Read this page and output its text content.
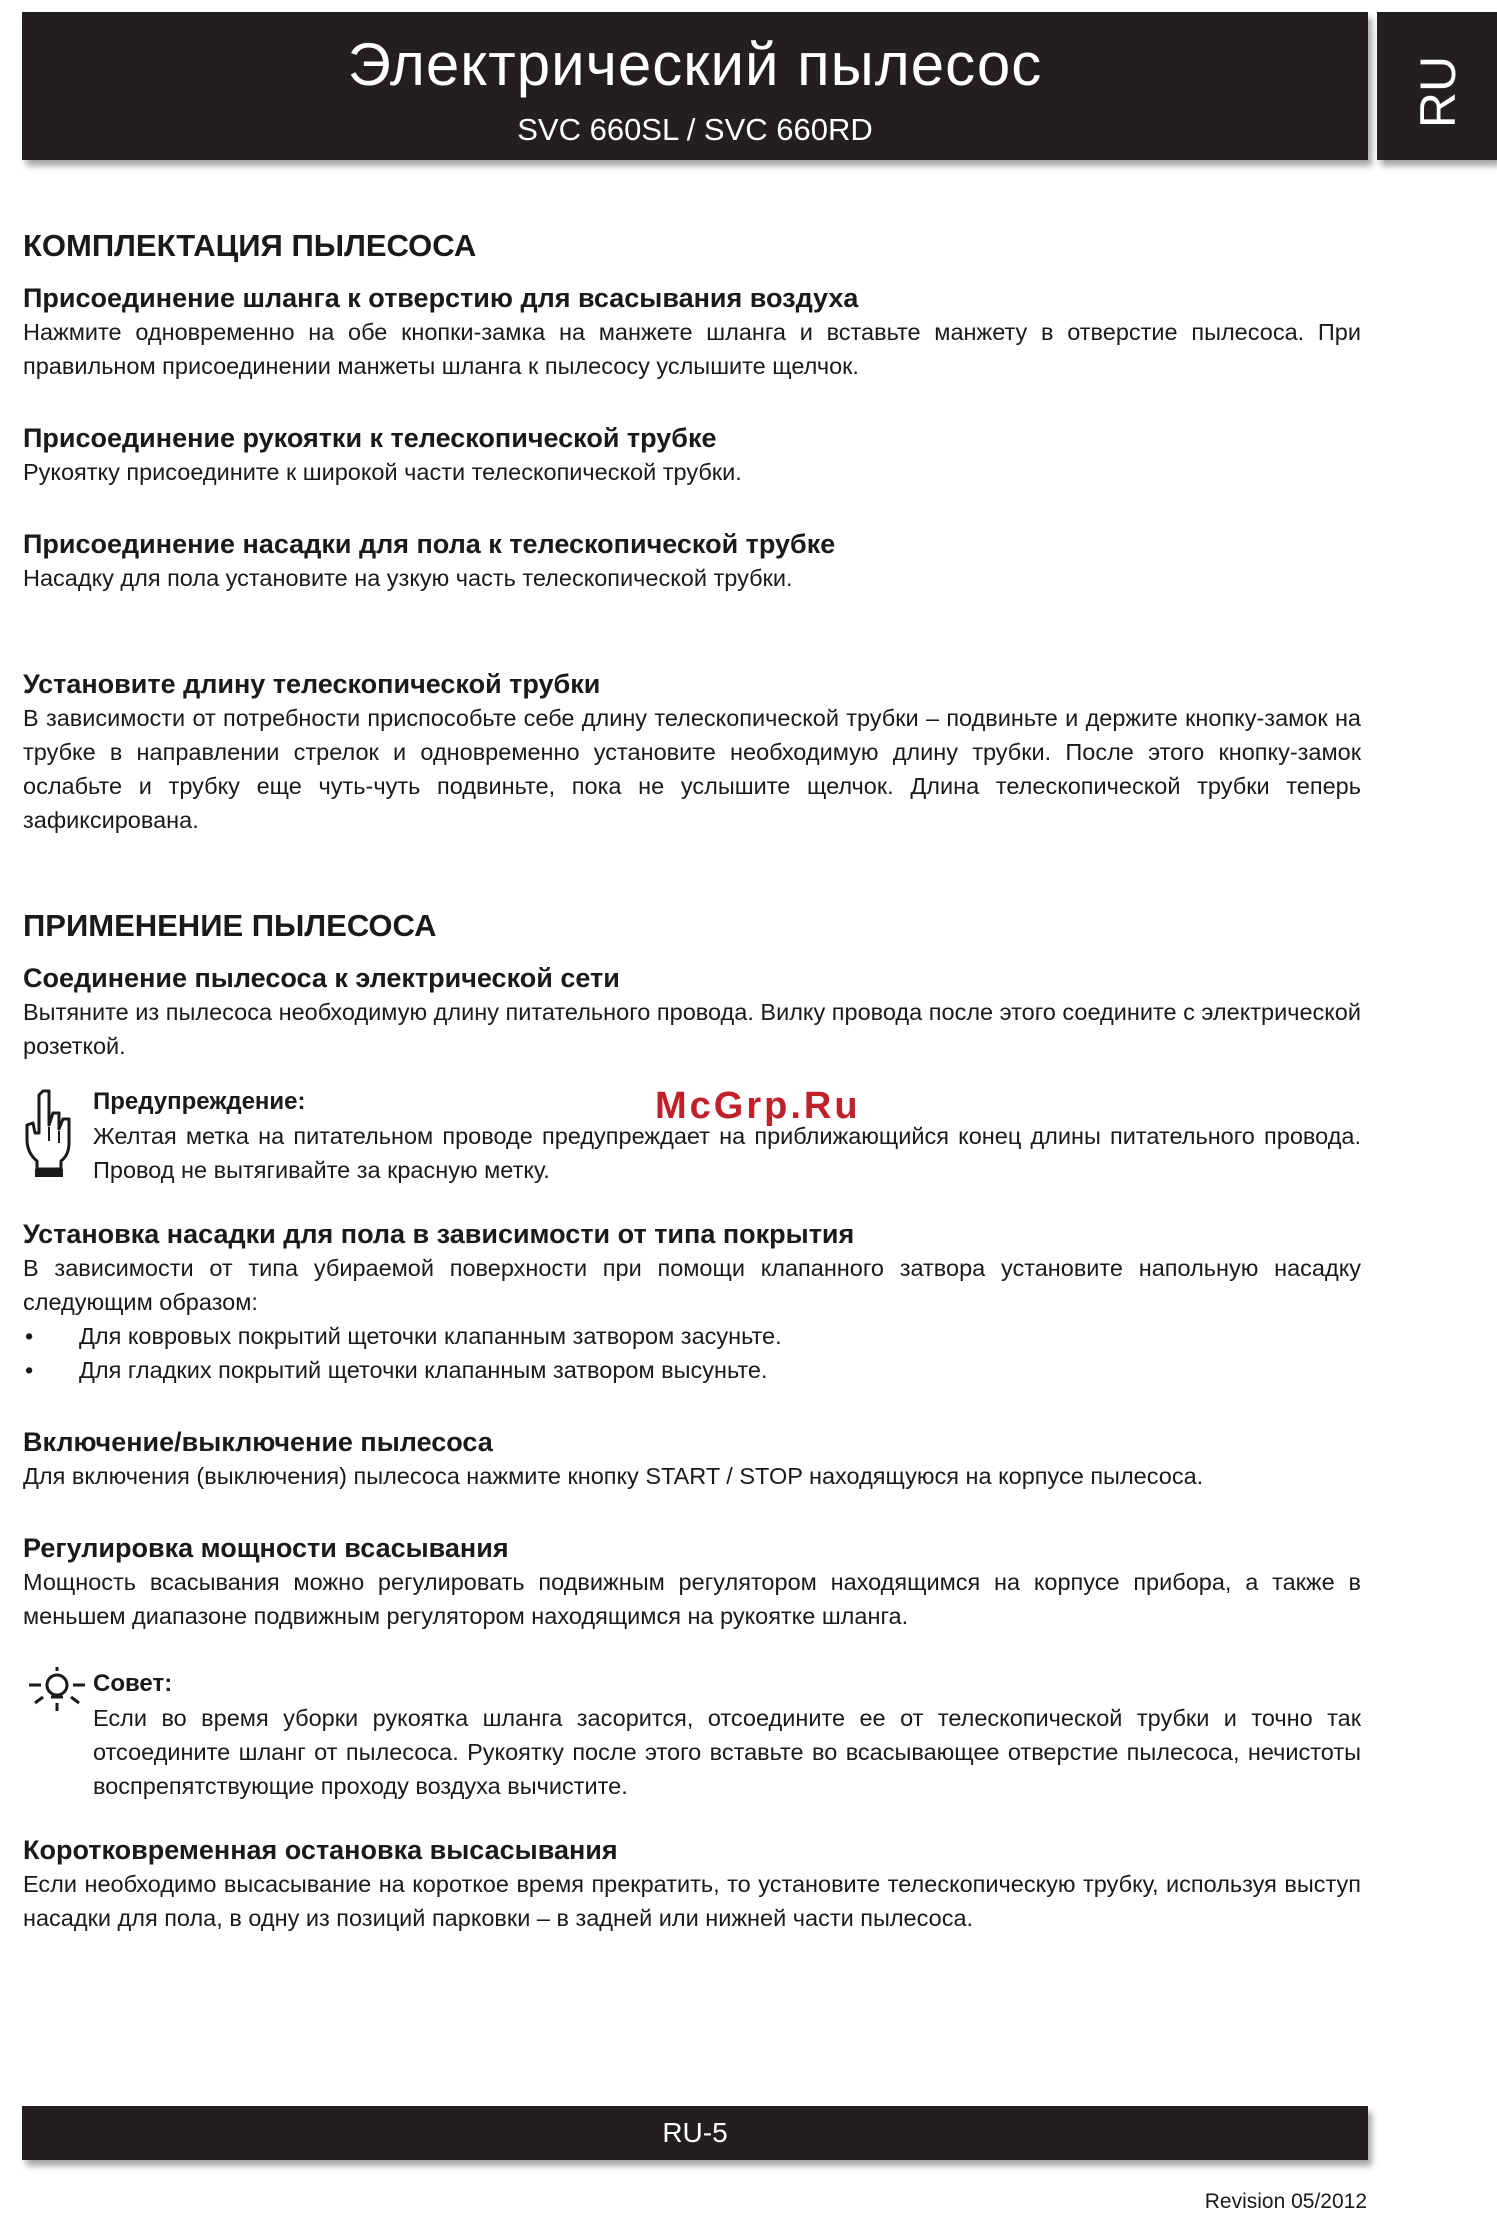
Электрический пылесос
SVC 660SL / SVC 660RD
RU
КОМПЛЕКТАЦИЯ ПЫЛЕСОСА
Присоединение шланга к отверстию для всасывания воздуха

Нажмите одновременно на обе кнопки-замка на манжете шланга и вставьте манжету в отверстие пылесоса. При правильном присоединении манжеты шланга к пылесосу услышите щелчок.

Присоединение рукоятки к телескопической трубке

Рукоятку присоедините к широкой части телескопической трубки.

Присоединение насадки для пола к телескопической трубке

Насадку для пола установите на узкую часть телескопической трубки.

Установите длину телескопической трубки

В зависимости от потребности приспособьте себе длину телескопической трубки – подвиньте и держите кнопку-замок на трубке в направлении стрелок и одновременно установите необходимую длину трубки. После этого кнопку-замок ослабьте и трубку еще чуть-чуть подвиньте, пока не услышите щелчок. Длина телескопической трубки теперь зафиксирована.

ПРИМЕНЕНИЕ ПЫЛЕСОСА
Соединение пылесоса к электрической сети

Вытяните из пылесоса необходимую длину питательного провода. Вилку провода после этого соедините с электрической розеткой.

Предупреждение:

Желтая метка на питательном проводе предупреждает на приближающийся конец длины питательного провода. Провод не вытягивайте за красную метку.

Установка насадки для пола в зависимости от типа покрытия

В зависимости от типа убираемой поверхности при помощи клапанного затвора установите напольную насадку следующим образом:

• Для ковровых покрытий щеточки клапанным затвором засуньте.
• Для гладких покрытий щеточки клапанным затвором высуньте.
Включение/выключение пылесоса

Для включения (выключения) пылесоса нажмите кнопку START / STOP находящуюся на корпусе пылесоса.

Регулировка мощности всасывания

Мощность всасывания можно регулировать подвижным регулятором находящимся на корпусе прибора, а также в меньшем диапазоне подвижным регулятором находящимся на рукоятке шланга.

Совет:

Если во время уборки рукоятка шланга засорится, отсоедините ее от телескопической трубки и точно так отсоедините шланг от пылесоса. Рукоятку после этого вставьте во всасывающее отверстие пылесоса, нечистоты воспрепятствующие проходу воздуха вычистите.

Коротковременная остановка высасывания

Если необходимо высасывание на короткое время прекратить, то установите телескопическую трубку, используя выступ насадки для пола, в одну из позиций парковки – в задней или нижней части пылесоса.

McGrp.Ru
RU-5
Revision 05/2012
